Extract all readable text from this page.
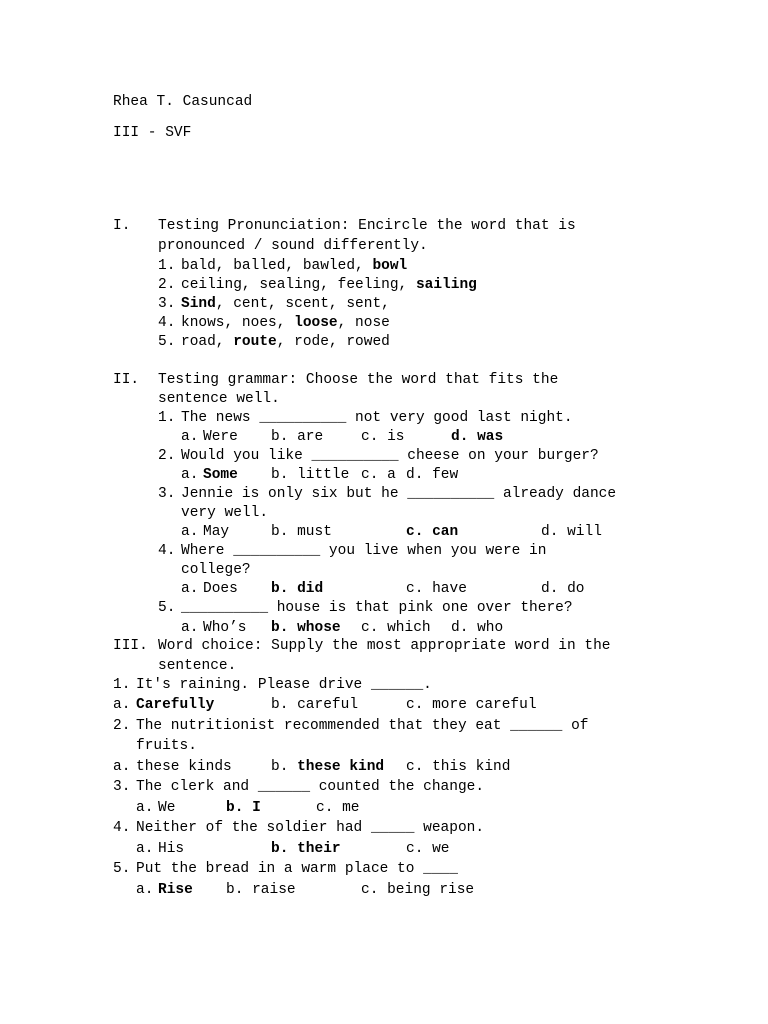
Rhea T. Casuncad
III - SVF
I. Testing Pronunciation: Encircle the word that is
pronounced / sound differently.
1. bald, balled, bawled, bowl
2. ceiling, sealing, feeling, sailing
3. Sind, cent, scent, sent,
4. knows, noes, loose, nose
5. road, route, rode, rowed
II. Testing grammar: Choose the word that fits the
sentence well.
1. The news __________ not very good last night.
a. Were b. are	c. is	d. was
2. Would you like __________ cheese on your burger?
a. Some b. little c. a d. few
3. Jennie is only six but he __________ already dance
very well.
a. May	b. must	c. can	d. will
4. Where __________ you live when you were in
college?
a. Does b. did	c. have	d. do
5. __________ house is that pink one over there?
a. Who’s b. whose c. which d. who
III. Word choice: Supply the most appropriate word in the
sentence.
1. It's raining. Please drive ______.
a. Carefully	b. careful	c. more careful
2. The nutritionist recommended that they eat ______ of
fruits.
a. these kinds	b. these kind c. this kind
3. The clerk and ______ counted the change.
a. We	b. I	c. me
4. Neither of the soldier had _____ weapon.
a. His	b. their	c. we
5. Put the bread in a warm place to ____
a. Rise b. raise	c. being rise
